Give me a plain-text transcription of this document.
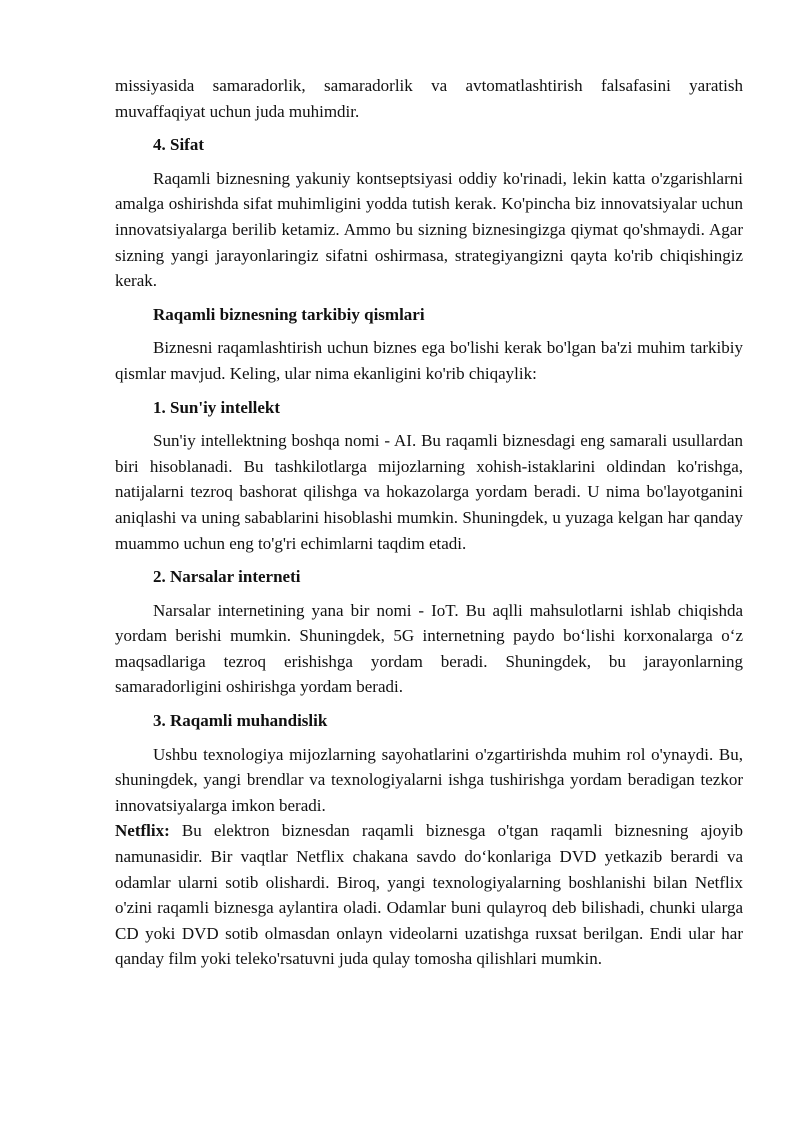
missiyasida samaradorlik, samaradorlik va avtomatlashtirish falsafasini yaratish muvaffaqiyat uchun juda muhimdir.

4. Sifat

Raqamli biznesning yakuniy kontseptsiyasi oddiy ko'rinadi, lekin katta o'zgarishlarni amalga oshirishda sifat muhimligini yodda tutish kerak. Ko'pincha biz innovatsiyalar uchun innovatsiyalarga berilib ketamiz. Ammo bu sizning biznesingizga qiymat qo'shmaydi. Agar sizning yangi jarayonlaringiz sifatni oshirmasa, strategiyangizni qayta ko'rib chiqishingiz kerak.

Raqamli biznesning tarkibiy qismlari

Biznesni raqamlashtirish uchun biznes ega bo'lishi kerak bo'lgan ba'zi muhim tarkibiy qismlar mavjud. Keling, ular nima ekanligini ko'rib chiqaylik:

1. Sun'iy intellekt

Sun'iy intellektning boshqa nomi - AI. Bu raqamli biznesdagi eng samarali usullardan biri hisoblanadi. Bu tashkilotlarga mijozlarning xohish-istaklarini oldindan ko'rishga, natijalarni tezroq bashorat qilishga va hokazolarga yordam beradi. U nima bo'layotganini aniqlashi va uning sabablarini hisoblashi mumkin. Shuningdek, u yuzaga kelgan har qanday muammo uchun eng to'g'ri echimlarni taqdim etadi.

2. Narsalar interneti

Narsalar internetining yana bir nomi - IoT. Bu aqlli mahsulotlarni ishlab chiqishda yordam berishi mumkin. Shuningdek, 5G internetning paydo bo‘lishi korxonalarga o‘z maqsadlariga tezroq erishishga yordam beradi. Shuningdek, bu jarayonlarning samaradorligini oshirishga yordam beradi.

3. Raqamli muhandislik

Ushbu texnologiya mijozlarning sayohatlarini o'zgartirishda muhim rol o'ynaydi. Bu, shuningdek, yangi brendlar va texnologiyalarni ishga tushirishga yordam beradigan tezkor innovatsiyalarga imkon beradi.

Netflix: Bu elektron biznesdan raqamli biznesga o'tgan raqamli biznesning ajoyib namunasidir. Bir vaqtlar Netflix chakana savdo do‘konlariga DVD yetkazib berardi va odamlar ularni sotib olishardi. Biroq, yangi texnologiyalarning boshlanishi bilan Netflix o'zini raqamli biznesga aylantira oladi. Odamlar buni qulayroq deb bilishadi, chunki ularga CD yoki DVD sotib olmasdan onlayn videolarni uzatishga ruxsat berilgan. Endi ular har qanday film yoki teleko'rsatuvni juda qulay tomosha qilishlari mumkin.
